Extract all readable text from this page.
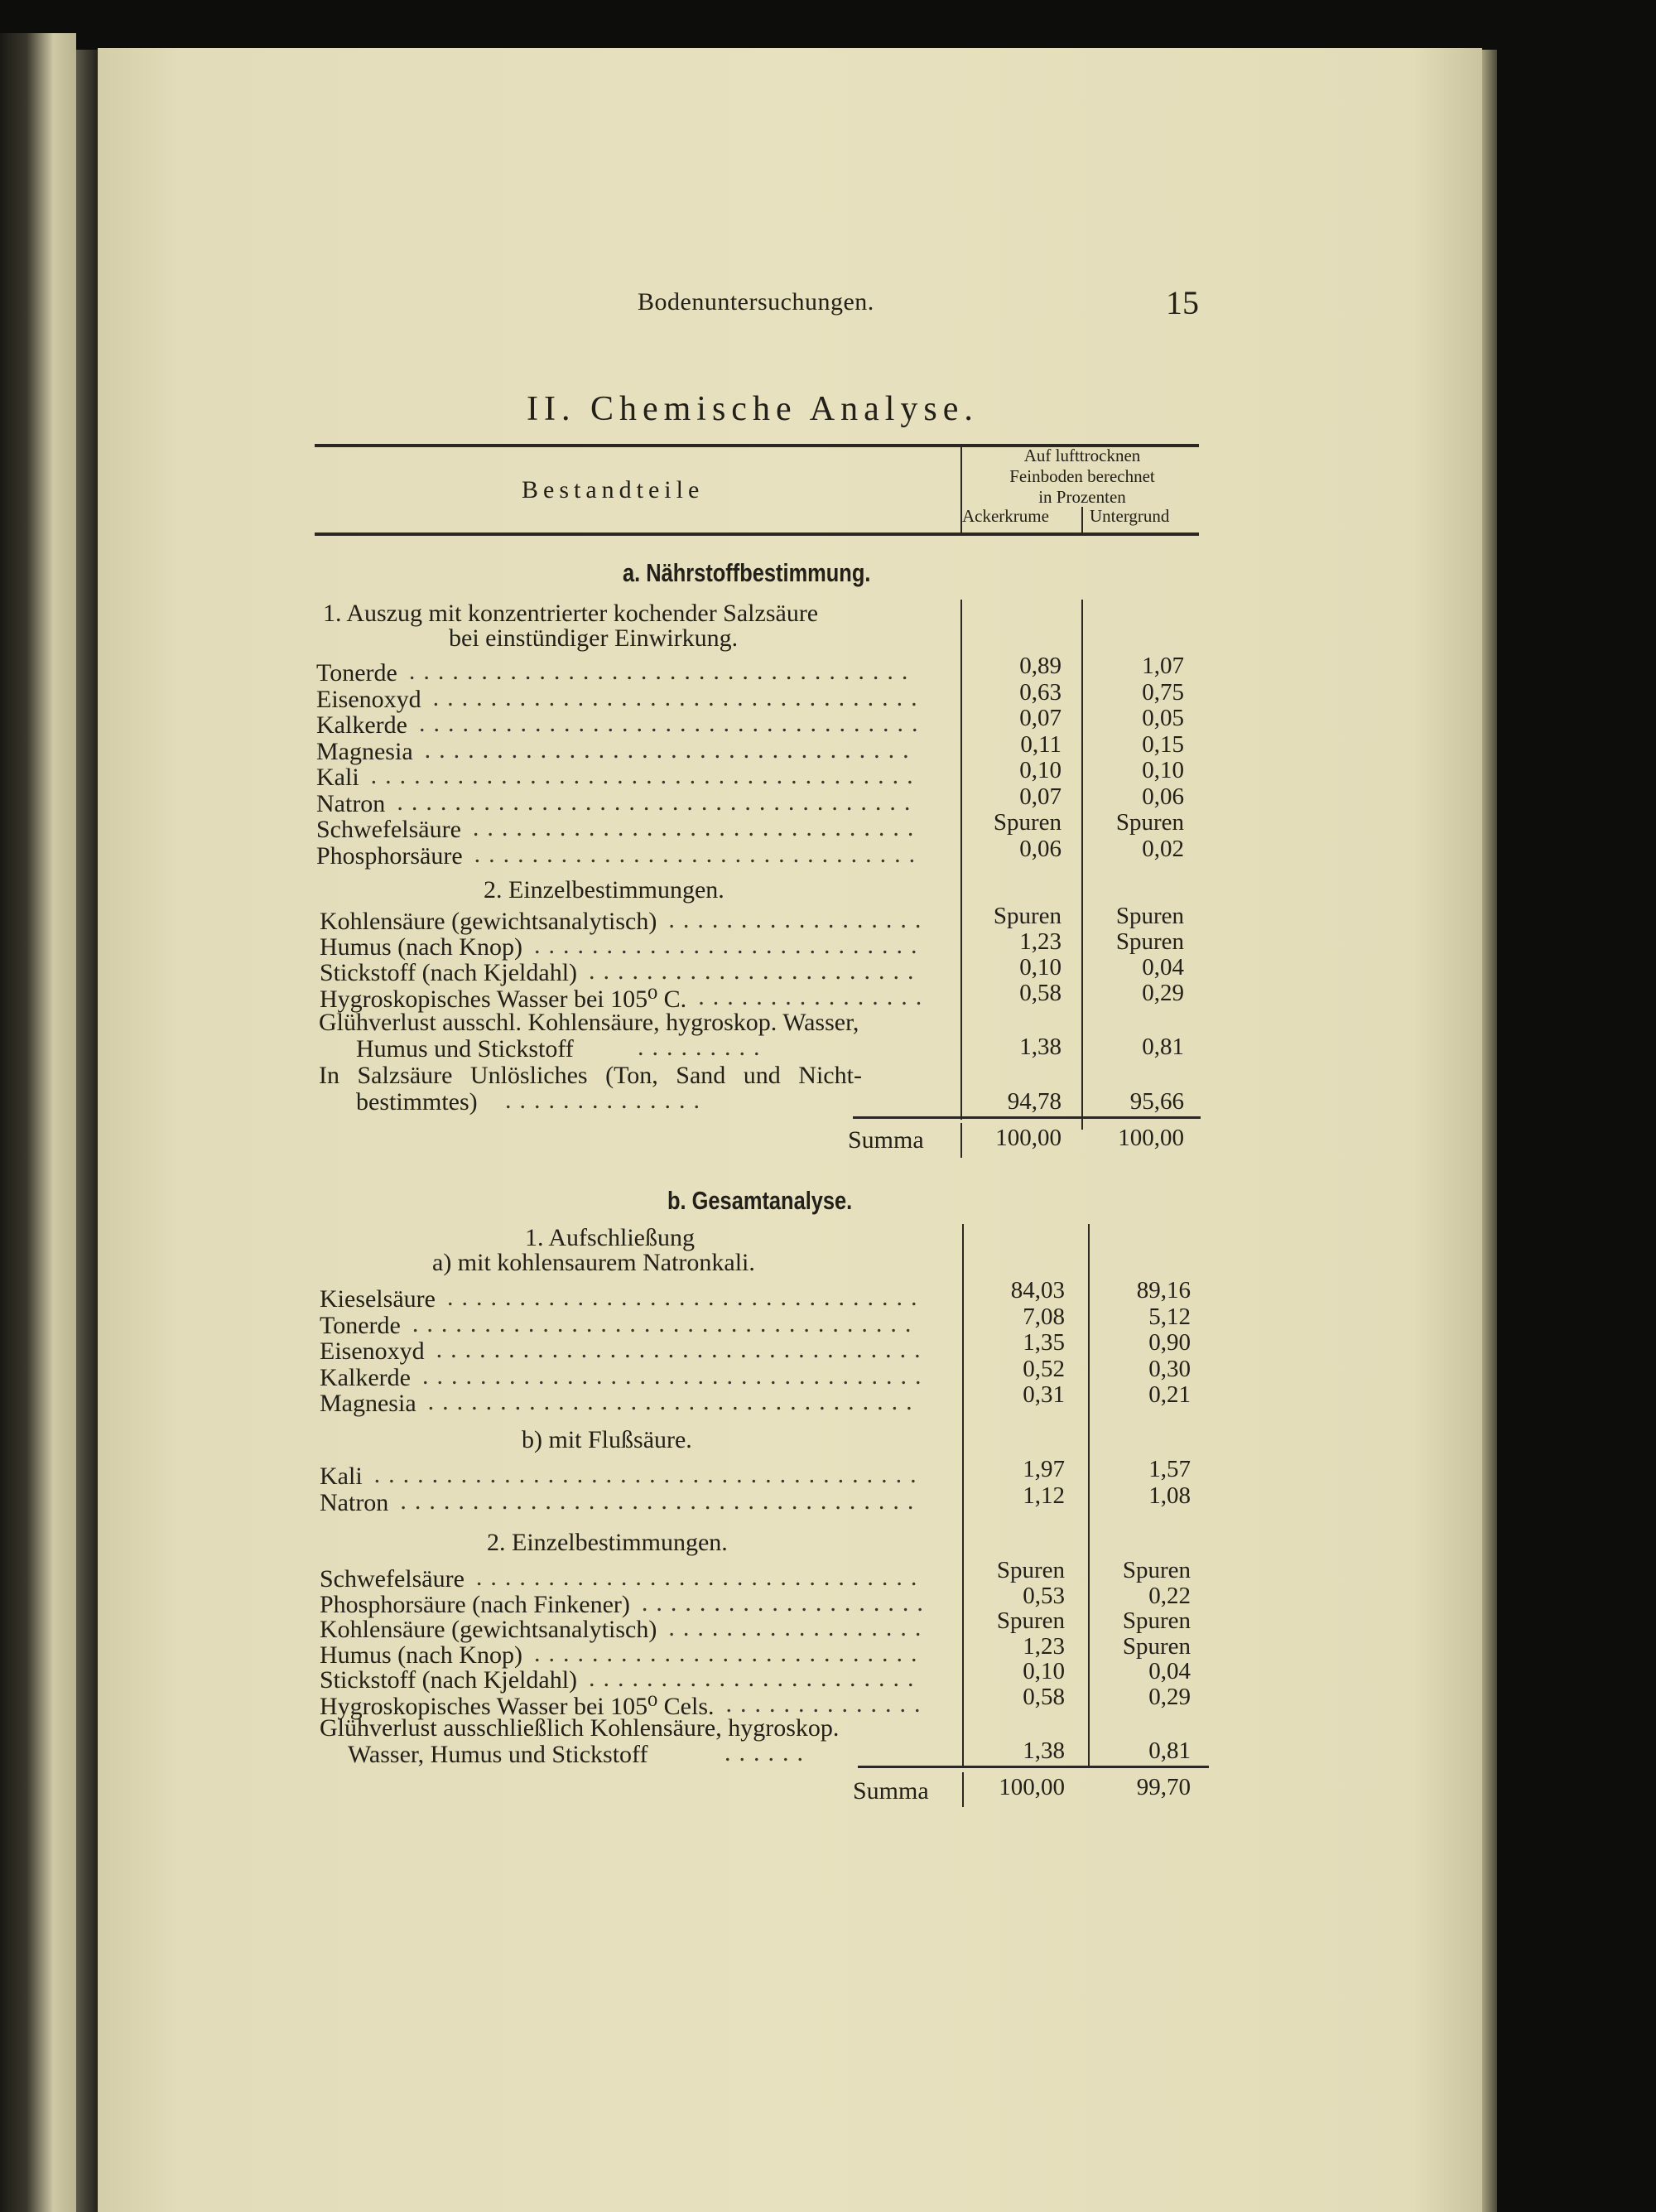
Bodenuntersuchungen.	15
II. Chemische Analyse.
Bestandteile
Auf lufttrocknen
Feinboden berechnet
in Prozenten
Ackerkrume Untergrund
a. Nährstoffbestimmung.
1. Auszug mit konzentrierter kochender Salzsäure
bei einstündiger Einwirkung.
Tonerde ...................................	0,89	1,07
Eisenoxyd ..................................	0,63	0,75
Kalkerde ...................................	0,07	0,05
Magnesia ..................................	0,11	0,15
Kali ......................................	0,10	0,10
Natron ....................................	0,07	0,06
Schwefelsäure ...............................	Spuren	Spuren
Phosphorsäure ...............................	0,06	0,02
2. Einzelbestimmungen.
Kohlensäure (gewichtsanalytisch) ..................	Spuren	Spuren
Humus (nach Knop) ...........................	1,23	Spuren
Stickstoff (nach Kjeldahl) .......................	0,10	0,04
Hygroskopisches Wasser bei 105⁰ C. ................	0,58	0,29
Glühverlust ausschl. Kohlensäure, hygroskop. Wasser,
Humus und Stickstoff	.........	1,38	0,81
In Salzsäure Unlösliches (Ton, Sand und Nicht-
bestimmtes) ..............	94,78	95,66
Summa	100,00	100,00
b. Gesamtanalyse.
1. Aufschließung
a) mit kohlensaurem Natronkali.
Kieselsäure .................................	84,03	89,16
Tonerde ...................................	7,08	5,12
Eisenoxyd ..................................	1,35	0,90
Kalkerde ...................................	0,52	0,30
Magnesia ..................................	0,31	0,21
b) mit Flußsäure.
Kali ......................................	1,97	1,57
Natron ....................................	1,12	1,08
2. Einzelbestimmungen.
Schwefelsäure ...............................	Spuren	Spuren
Phosphorsäure (nach Finkener) ....................	0,53	0,22
Kohlensäure (gewichtsanalytisch) ..................	Spuren	Spuren
Humus (nach Knop) ...........................	1,23	Spuren
Stickstoff (nach Kjeldahl) .......................	0,10	0,04
Hygroskopisches Wasser bei 105⁰ Cels. ..............	0,58	0,29
Glühverlust ausschließlich Kohlensäure, hygroskop.
Wasser, Humus und Stickstoff	......	1,38	0,81
Summa	100,00	99,70
